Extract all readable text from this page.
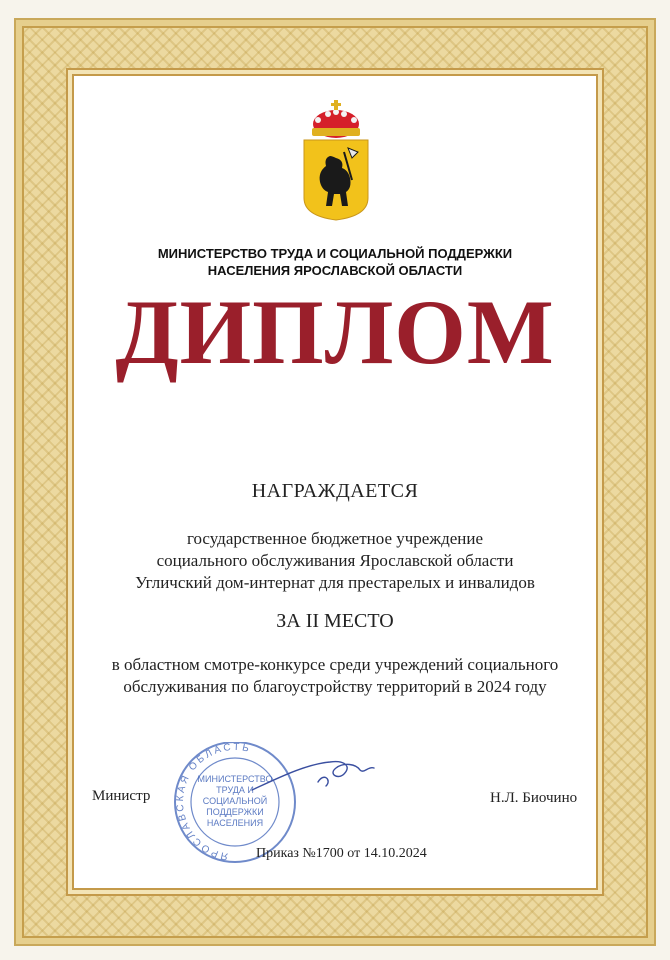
МИНИСТЕРСТВО ТРУДА И СОЦИАЛЬНОЙ ПОДДЕРЖКИ
НАСЕЛЕНИЯ ЯРОСЛАВСКОЙ ОБЛАСТИ
ДИПЛОМ
НАГРАЖДАЕТСЯ
государственное бюджетное учреждение
социального обслуживания Ярославской области
Угличский дом-интернат для престарелых и инвалидов
ЗА II МЕСТО
в областном смотре-конкурсе среди учреждений социального
обслуживания по благоустройству территорий в 2024 году
Министр
ЯРОСЛАВСКАЯ ОБЛАСТЬ
МИНИСТЕРСТВО
ТРУДА И
СОЦИАЛЬНОЙ
ПОДДЕРЖКИ
НАСЕЛЕНИЯ
Н.Л. Биочино
Приказ №1700 от 14.10.2024
